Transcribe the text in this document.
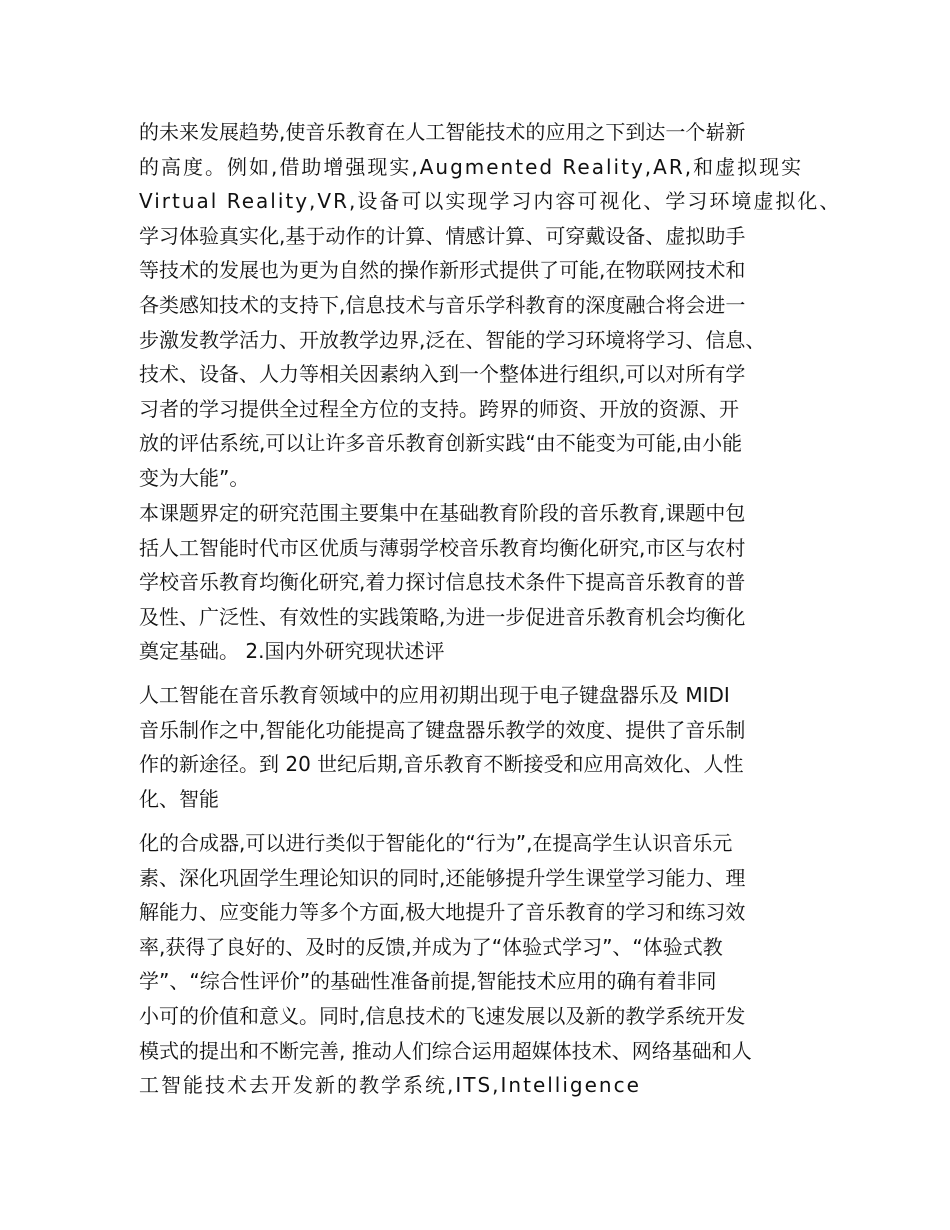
的未来发展趋势,使音乐教育在人工智能技术的应用之下到达一个崭新
的高度。例如,借助增强现实,Augmented Reality,AR,和虚拟现实
Virtual Reality,VR,设备可以实现学习内容可视化、学习环境虚拟化、
学习体验真实化,基于动作的计算、情感计算、可穿戴设备、虚拟助手
等技术的发展也为更为自然的操作新形式提供了可能,在物联网技术和
各类感知技术的支持下,信息技术与音乐学科教育的深度融合将会进一
步激发教学活力、开放教学边界,泛在、智能的学习环境将学习、信息、
技术、设备、人力等相关因素纳入到一个整体进行组织,可以对所有学
习者的学习提供全过程全方位的支持。跨界的师资、开放的资源、开
放的评估系统,可以让许多音乐教育创新实践“由不能变为可能,由小能
变为大能”。
本课题界定的研究范围主要集中在基础教育阶段的音乐教育,课题中包
括人工智能时代市区优质与薄弱学校音乐教育均衡化研究,市区与农村
学校音乐教育均衡化研究,着力探讨信息技术条件下提高音乐教育的普
及性、广泛性、有效性的实践策略,为进一步促进音乐教育机会均衡化
奠定基础。 2.国内外研究现状述评
人工智能在音乐教育领域中的应用初期出现于电子键盘器乐及 MIDI
音乐制作之中,智能化功能提高了键盘器乐教学的效度、提供了音乐制
作的新途径。到 20 世纪后期,音乐教育不断接受和应用高效化、人性
化、智能
化的合成器,可以进行类似于智能化的“行为”,在提高学生认识音乐元
素、深化巩固学生理论知识的同时,还能够提升学生课堂学习能力、理
解能力、应变能力等多个方面,极大地提升了音乐教育的学习和练习效
率,获得了良好的、及时的反馈,并成为了“体验式学习”、“体验式教
学”、“综合性评价”的基础性准备前提,智能技术应用的确有着非同
小可的价值和意义。同时,信息技术的飞速发展以及新的教学系统开发
模式的提出和不断完善, 推动人们综合运用超媒体技术、网络基础和人
工智能技术去开发新的教学系统,ITS,Intelligence
